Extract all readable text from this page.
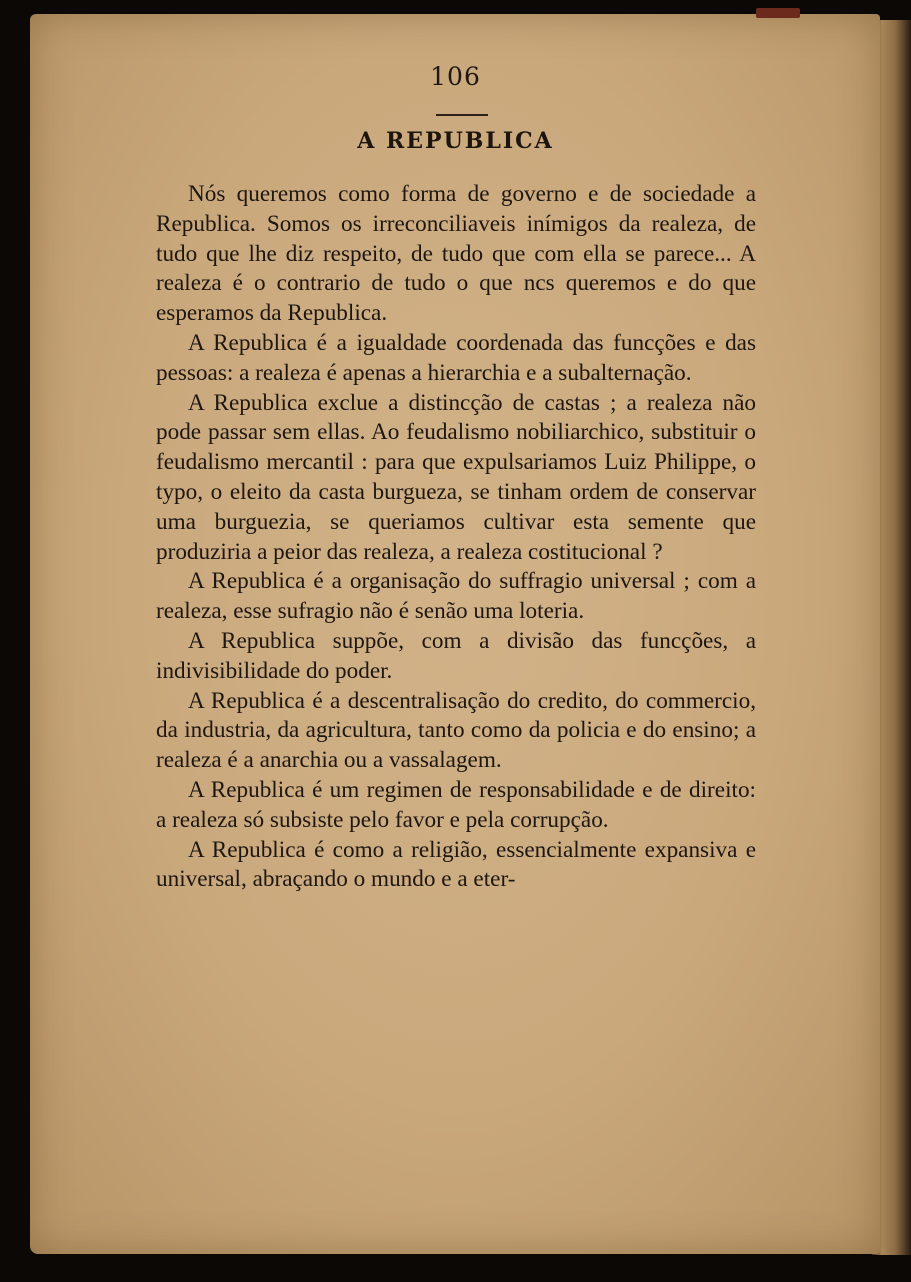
106
A REPUBLICA

Nós queremos como forma de governo e de sociedade a Republica. Somos os irreconciliaveis inímigos da realeza, de tudo que lhe diz respeito, de tudo que com ella se parece... A realeza é o contrario de tudo o que ncs queremos e do que esperamos da Republica.

A Republica é a igualdade coordenada das funcções e das pessoas: a realeza é apenas a hierarchia e a subalternação.

A Republica exclue a distincção de castas ; a realeza não pode passar sem ellas. Ao feudalismo nobiliarchico, substituir o feudalismo mercantil : para que expulsariamos Luiz Philippe, o typo, o eleito da casta burgueza, se tinham ordem de conservar uma burguezia, se queriamos cultivar esta semente que produziria a peior das realeza, a realeza costitucional ?

A Republica é a organisação do suffragio universal ; com a realeza, esse sufragio não é senão uma loteria.

A Republica suppõe, com a divisão das funcções, a indivisibilidade do poder.

A Republica é a descentralisação do credito, do commercio, da industria, da agricultura, tanto como da policia e do ensino; a realeza é a anarchia ou a vassalagem.

A Republica é um regimen de responsabilidade e de direito: a realeza só subsiste pelo favor e pela corrupção.

A Republica é como a religião, essencialmente expansiva e universal, abraçando o mundo e a eter-
